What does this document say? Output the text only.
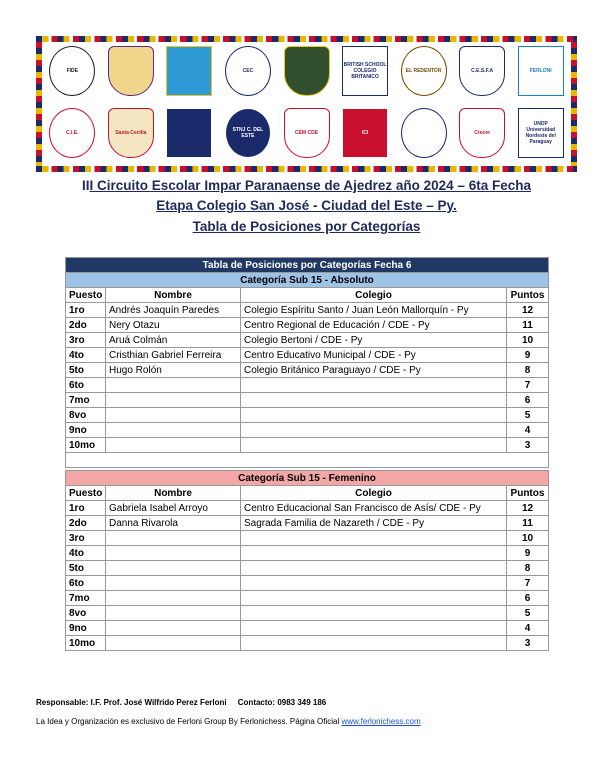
FIDE	CEC
BRITISH SCHOOL COLEGIO BRITANICO
EL REDENTOR	C.E.S.F.A	FERLONI
C.I.E.	Santa Cecilia	STNJ C. DEL ESTE	CEM CDE	ICI	Crecer
UNDP Universidad Nordeste del Paraguay
III Circuito Escolar Impar Paranaense de Ajedrez año 2024 – 6ta Fecha
Etapa Colegio San José - Ciudad del Este – Py.
Tabla de Posiciones por Categorías
Tabla de Posiciones por Categorías Fecha 6			
Categoría Sub 15 - Absoluto			
Puesto	Nombre	Colegio	Puntos
1ro	Andrés Joaquín Paredes	Colegio Espíritu Santo / Juan León Mallorquín - Py	12
2do	Nery Otazu	Centro Regional de Educación / CDE - Py	11
3ro	Aruá Colmán	Colegio Bertoni / CDE - Py	10
4to	Cristhian Gabriel Ferreira	Centro Educativo Municipal / CDE - Py	9
5to	Hugo Rolón	Colegio Británico Paraguayo / CDE - Py	8
6to			7
7mo			6
8vo			5
9no			4
10mo			3

Categoría Sub 15 - Femenino			
Puesto	Nombre	Colegio	Puntos
1ro	Gabriela Isabel Arroyo	Centro Educacional San Francisco de Asís/ CDE - Py	12
2do	Danna Rivarola	Sagrada Familia de Nazareth / CDE - Py	11
3ro			10
4to			9
5to			8
6to			7
7mo			6
8vo			5
9no			4
10mo			3
Responsable: I.F. Prof. José Wilfrido Perez Ferloni Contacto: 0983 349 186
La Idea y Organización es exclusivo de Ferloni Group By Ferlonichess. Página Oficial www.ferlonichess.com
